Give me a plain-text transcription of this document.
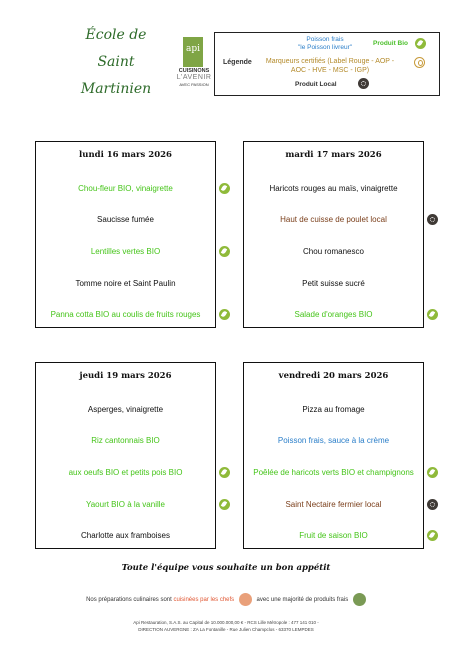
École de
Saint
Martinien
api
CUISINONS
L'AVENIR
AVEC PASSION
Légende
Poisson frais
"le Poisson livreur"
Produit Bio
Marqueurs certifiés (Label Rouge - AOP - AOC - HVE - MSC - IGP)
Produit Local
lundi 16 mars 2026
Chou-fleur BIO, vinaigrette
Saucisse fumée
Lentilles vertes BIO
Tomme noire et Saint Paulin
Panna cotta BIO au coulis de fruits rouges
mardi 17 mars 2026
Haricots rouges au maïs, vinaigrette
Haut de cuisse de poulet local
Chou romanesco
Petit suisse sucré
Salade d'oranges BIO
jeudi 19 mars 2026
Asperges, vinaigrette
Riz cantonnais BIO
aux oeufs BIO et petits pois BIO
Yaourt BIO à la vanille
Charlotte aux framboises
vendredi 20 mars 2026
Pizza au fromage
Poisson frais, sauce à la crème
Poêlée de haricots verts BIO et champignons
Saint Nectaire fermier local
Fruit de saison BIO
Toute l'équipe vous souhaite un bon appétit
Nos préparations culinaires sont cuisinées par les chefs	avec une majorité de produits frais
Api Restauration, S.A.S. au Capital de 10.000.000,00 € - RCS Lille Métropole : 477 141 010 -
DIRECTION AUVERGNE : ZA La Fontanille - Rue Julien Champclos - 63370 LEMPDES
